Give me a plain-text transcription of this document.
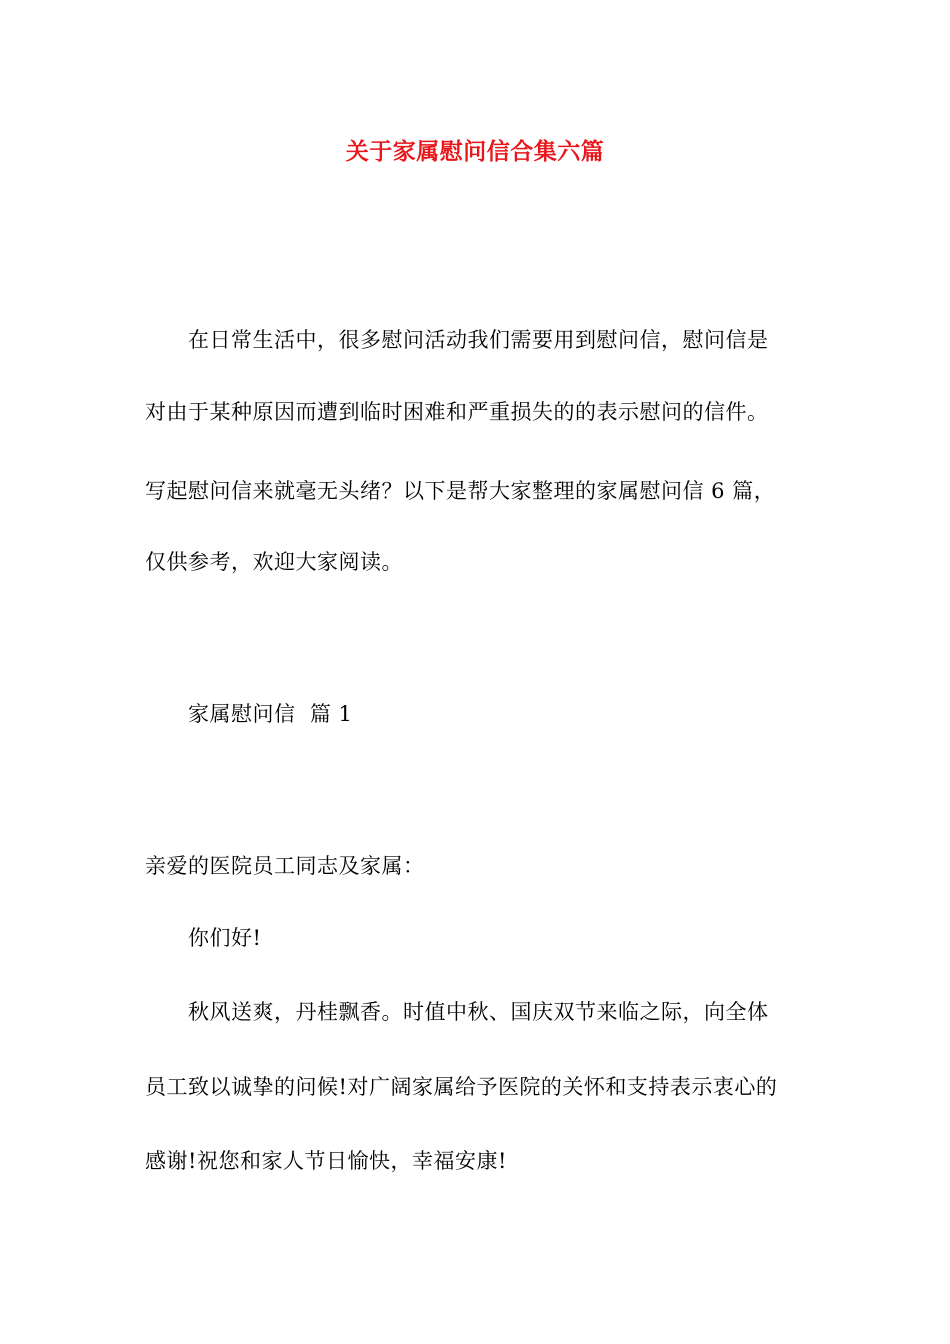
关于家属慰问信合集六篇
在日常生活中，很多慰问活动我们需要用到慰问信，慰问信是
对由于某种原因而遭到临时困难和严重损失的的表示慰问的信件。
写起慰问信来就毫无头绪？以下是帮大家整理的家属慰问信 6 篇，
仅供参考，欢迎大家阅读。
家属慰问信  篇 1
亲爱的医院员工同志及家属：
你们好!
秋风送爽，丹桂飘香。时值中秋、国庆双节来临之际，向全体
员工致以诚挚的问候!对广阔家属给予医院的关怀和支持表示衷心的
感谢!祝您和家人节日愉快，幸福安康!
